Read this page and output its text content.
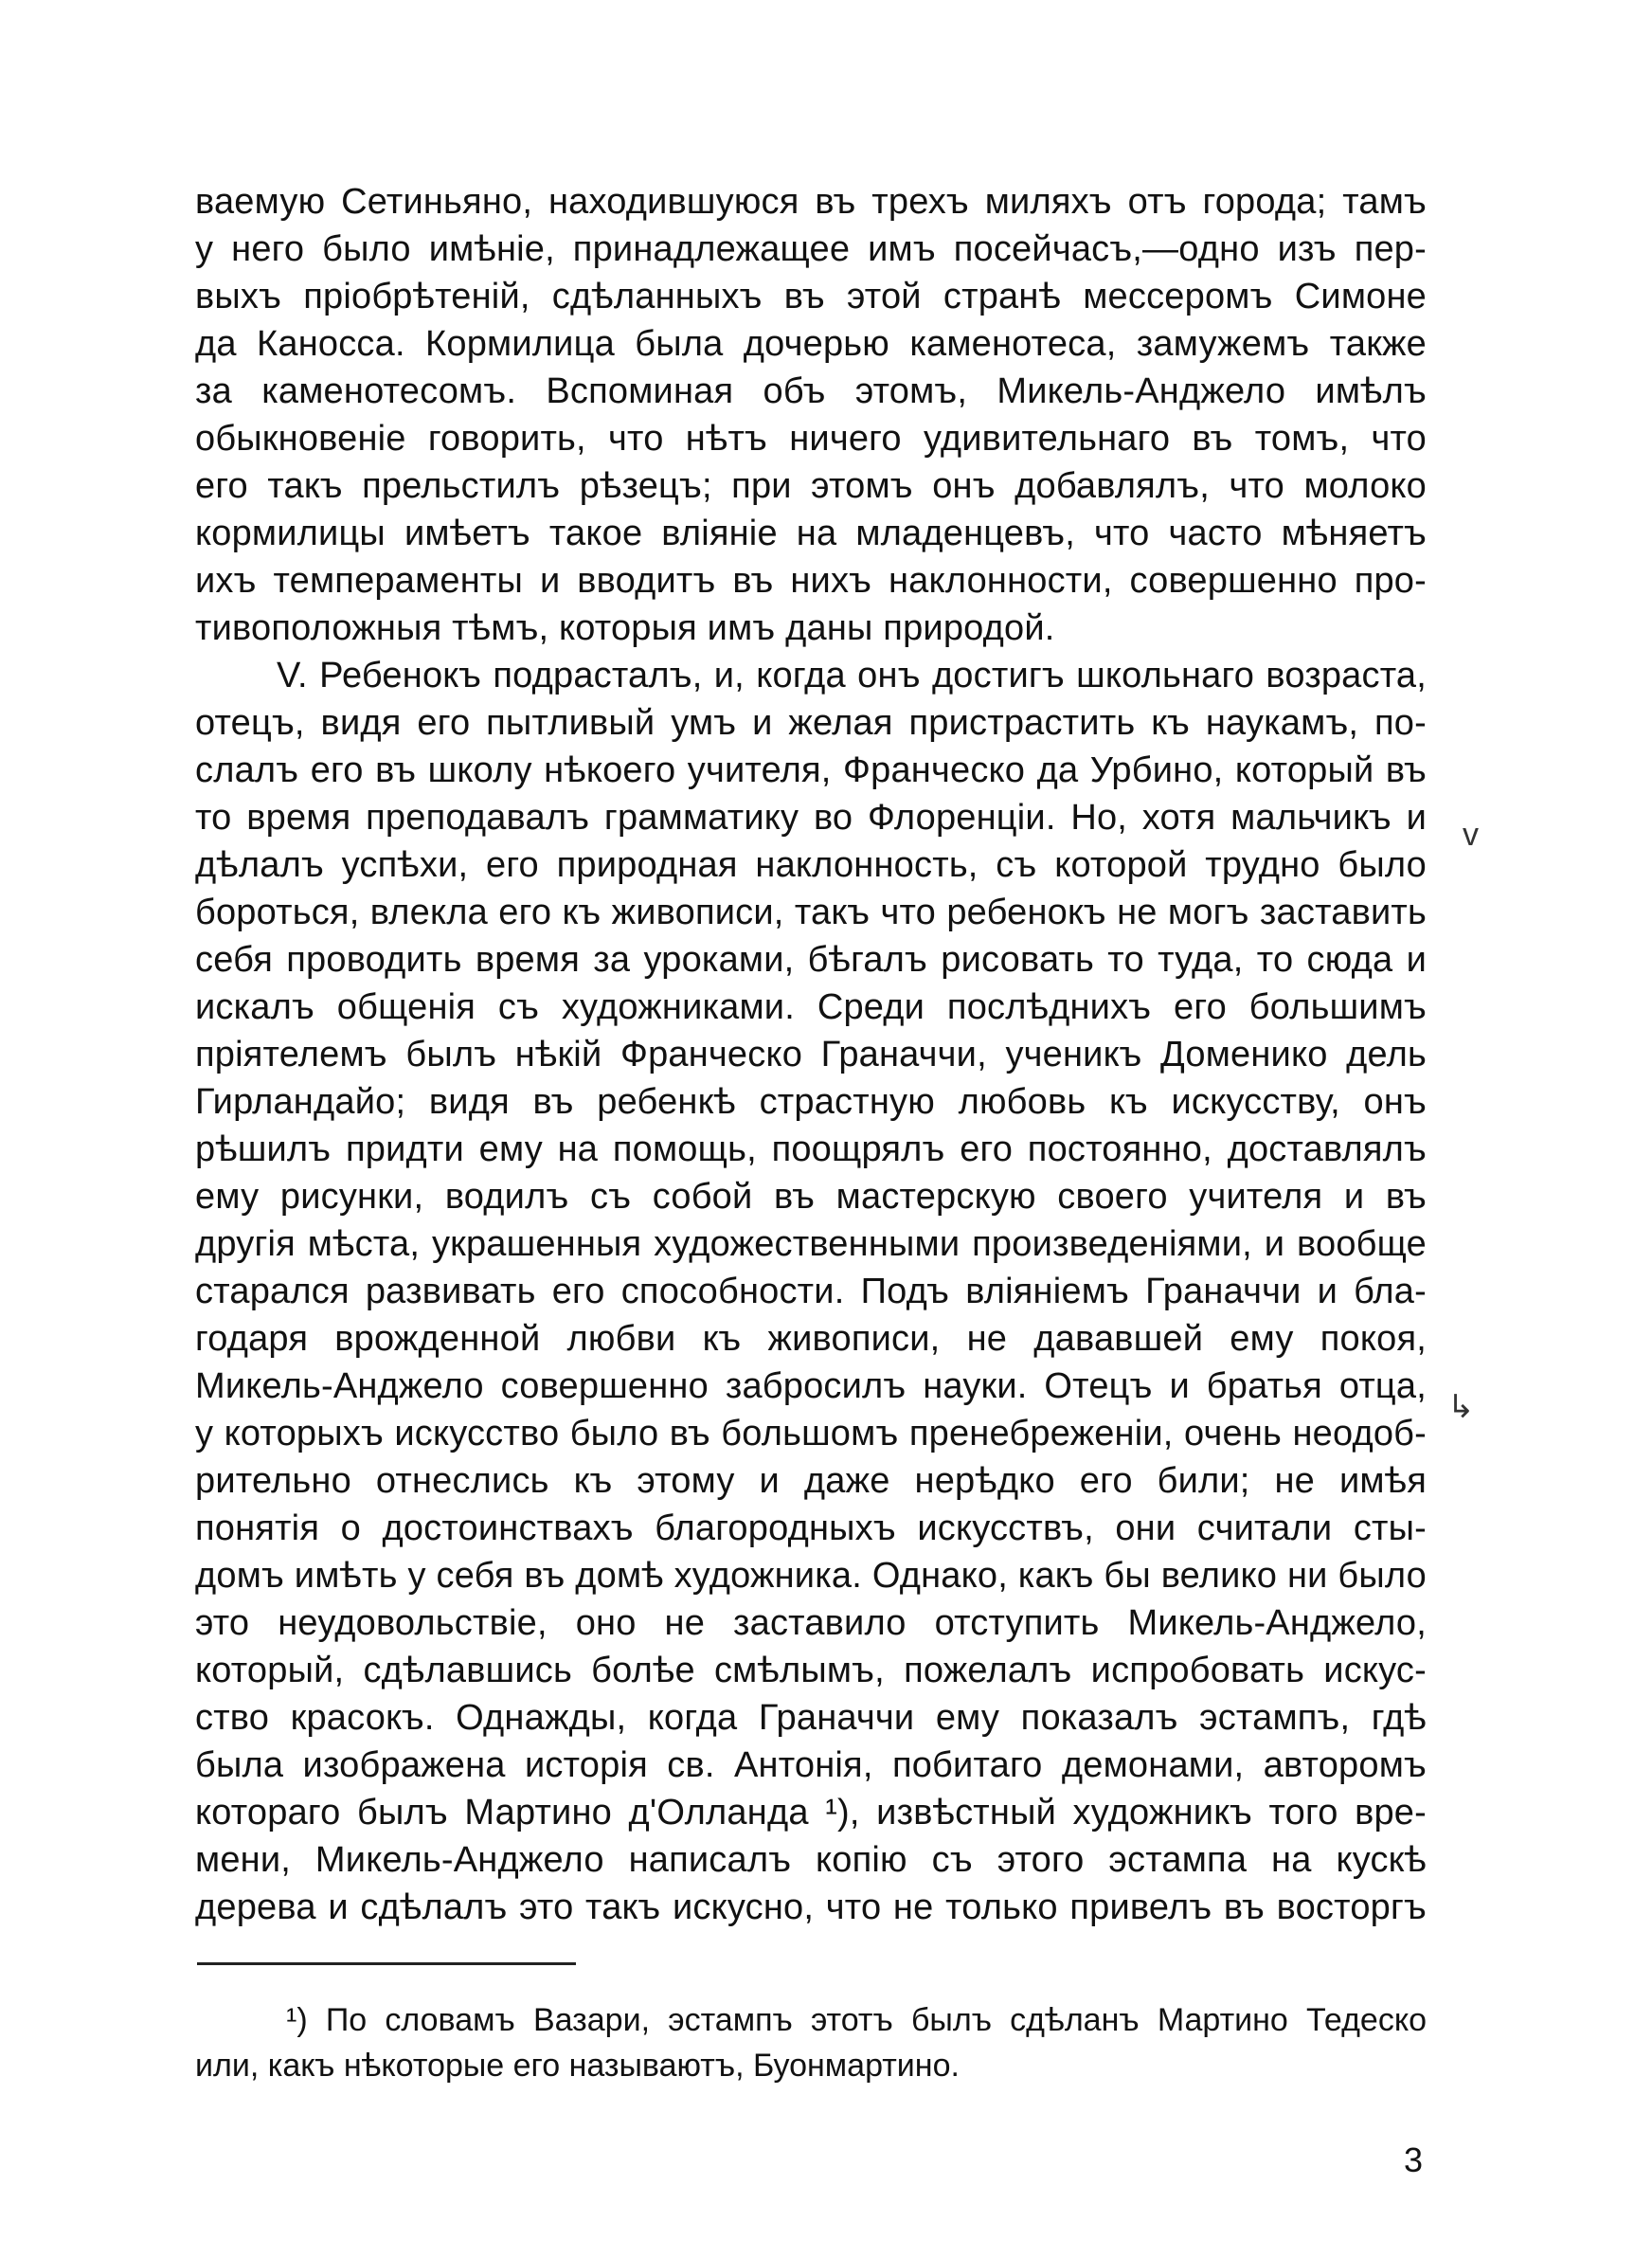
ваемую Сетиньяно, находившуюся въ трехъ миляхъ отъ города; тамъ
у него было имѣнiе, принадлежащее имъ посейчасъ,—одно изъ пер-
выхъ прiобрѣтенiй, сдѣланныхъ въ этой странѣ мессеромъ Симоне
да Каносса. Кормилица была дочерью каменотеса, замужемъ также
за каменотесомъ. Вспоминая объ этомъ, Микель-Анджело имѣлъ
обыкновенiе говорить, что нѣтъ ничего удивительнаго въ томъ, что
его такъ прельстилъ рѣзецъ; при этомъ онъ добавлялъ, что молоко
кормилицы имѣетъ такое влiянiе на младенцевъ, что часто мѣняетъ
ихъ темпераменты и вводитъ въ нихъ наклонности, совершенно про-
тивоположныя тѣмъ, которыя имъ даны природой.
V. Ребенокъ подрасталъ, и, когда онъ достигъ школьнаго возраста,
отецъ, видя его пытливый умъ и желая пристрастить къ наукамъ, по-
слалъ его въ школу нѣкоего учителя, Франческо да Урбино, который въ
то время преподавалъ грамматику во Флоренцiи. Но, хотя мальчикъ и
дѣлалъ успѣхи, его природная наклонность, съ которой трудно было
бороться, влекла его къ живописи, такъ что ребенокъ не могъ заставить
себя проводить время за уроками, бѣгалъ рисовать то туда, то сюда и
искалъ общенiя съ художниками. Среди послѣднихъ его большимъ
прiятелемъ былъ нѣкiй Франческо Граначчи, ученикъ Доменико дель
Гирландайо; видя въ ребенкѣ страстную любовь къ искусству, онъ
рѣшилъ придти ему на помощь, поощрялъ его постоянно, доставлялъ
ему рисунки, водилъ съ собой въ мастерскую своего учителя и въ
другiя мѣста, украшенныя художественными произведенiями, и вообще
старался развивать его способности. Подъ влiянiемъ Граначчи и бла-
годаря врожденной любви къ живописи, не дававшей ему покоя,
Микель-Анджело совершенно забросилъ науки. Отецъ и братья отца,
у которыхъ искусство было въ большомъ пренебреженiи, очень неодоб-
рительно отнеслись къ этому и даже нерѣдко его били; не имѣя
понятiя о достоинствахъ благородныхъ искусствъ, они считали сты-
домъ имѣть у себя въ домѣ художника. Однако, какъ бы велико ни было
это неудовольствiе, оно не заставило отступить Микель-Анджело,
который, сдѣлавшись болѣе смѣлымъ, пожелалъ испробовать искус-
ство красокъ. Однажды, когда Граначчи ему показалъ эстампъ, гдѣ
была изображена исторiя св. Антонiя, побитаго демонами, авторомъ
котораго былъ Мартино д'Олланда ¹), извѣстный художникъ того вре-
мени, Микель-Анджело написалъ копiю съ этого эстампа на кускѣ
дерева и сдѣлалъ это такъ искусно, что не только привелъ въ восторгъ
¹) По словамъ Вазари, эстампъ этотъ былъ сдѣланъ Мартино Тедеско
или, какъ нѣкоторые его называютъ, Буонмартино.
3
v
↳
